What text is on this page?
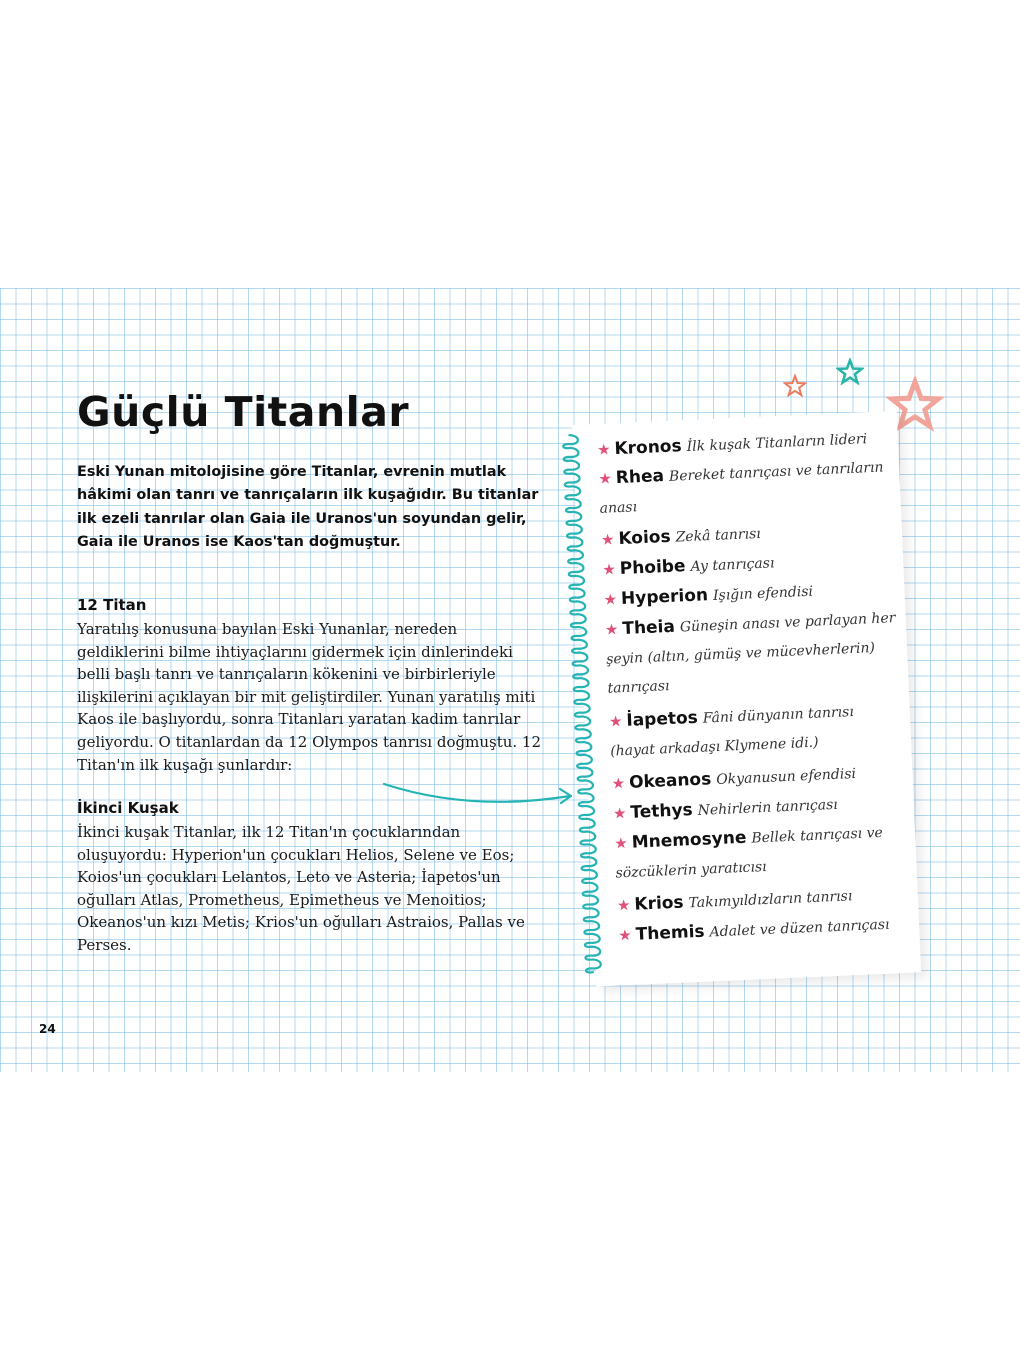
Güçlü Titanlar

Eski Yunan mitolojisine göre Titanlar, evrenin mutlak hâkimi olan tanrı ve tanrıçaların ilk kuşağıdır. Bu titanlar ilk ezeli tanrılar olan Gaia ile Uranos'un soyundan gelir, Gaia ile Uranos ise Kaos'tan doğmuştur.

12 Titan

Yaratılış konusuna bayılan Eski Yunanlar, nereden geldiklerini bilme ihtiyaçlarını gidermek için dinlerindeki belli başlı tanrı ve tanrıçaların kökenini ve birbirleriyle ilişkilerini açıklayan bir mit geliştirdiler. Yunan yaratılış miti Kaos ile başlıyordu, sonra Titanları yaratan kadim tanrılar geliyordu. O titanlardan da 12 Olympos tanrısı doğmuştu. 12 Titan'ın ilk kuşağı şunlardır:

İkinci Kuşak

İkinci kuşak Titanlar, ilk 12 Titan'ın çocuklarından oluşuyordu: Hyperion'un çocukları Helios, Selene ve Eos; Koios'un çocukları Lelantos, Leto ve Asteria; İapetos'un oğulları Atlas, Prometheus, Epimetheus ve Menoitios; Okeanos'un kızı Metis; Krios'un oğulları Astraios, Pallas ve Perses.

24
★ Kronos İlk kuşak Titanların lideri
★ Rhea Bereket tanrıçası ve tanrıların anası
★ Koios Zekâ tanrısı
★ Phoibe Ay tanrıçası
★ Hyperion Işığın efendisi
★ Theia Güneşin anası ve parlayan her şeyin (altın, gümüş ve mücevherlerin) tanrıçası
★ İapetos Fâni dünyanın tanrısı (hayat arkadaşı Klymene idi.)
★ Okeanos Okyanusun efendisi
★ Tethys Nehirlerin tanrıçası
★ Mnemosyne Bellek tanrıçası ve sözcüklerin yaratıcısı
★ Krios Takımyıldızların tanrısı
★ Themis Adalet ve düzen tanrıçası
